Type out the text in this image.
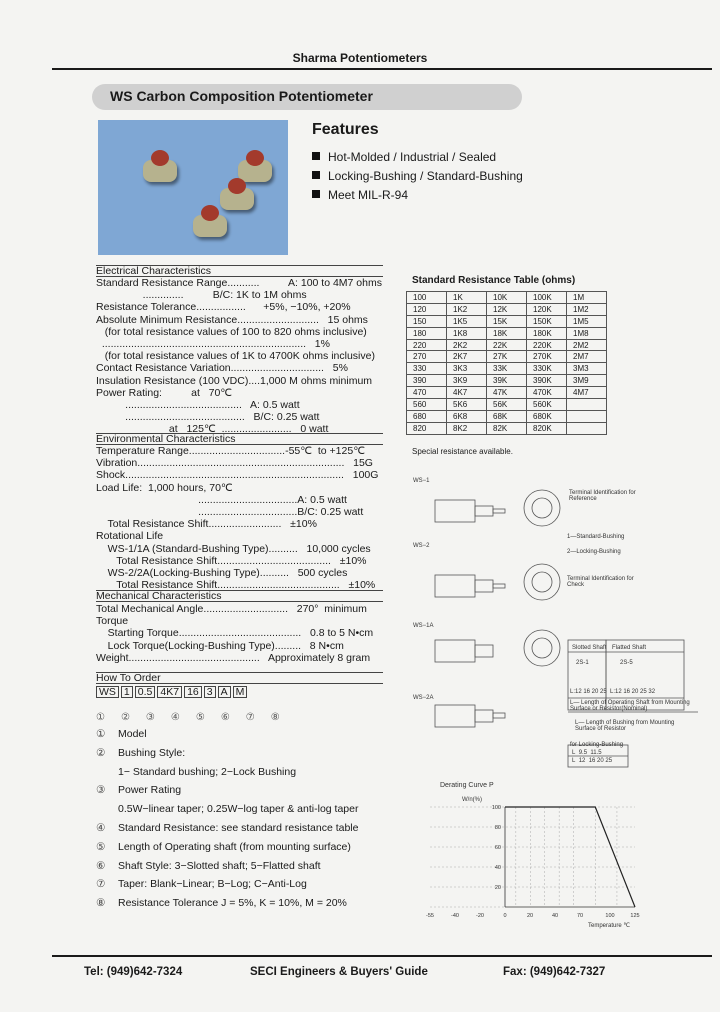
Sharma Potentiometers
WS Carbon Composition Potentiometer
Features
Hot-Molded / Industrial / Sealed
Locking-Bushing / Standard-Bushing
Meet MIL-R-94
Electrical Characteristics
Standard Resistance Range...........          A: 100 to 4M7 ohms
..............          B/C: 1K to 1M ohms
Resistance Tolerance.................      +5%, −10%, +20%
Absolute Minimum Resistance............................   15 ohms
(for total resistance values of 100 to 820 ohms inclusive)
......................................................................   1%
(for total resistance values of 1K to 4700K ohms inclusive)
Contact Resistance Variation................................   5%
Insulation Resistance (100 VDC)....1,000 M ohms minimum
Power Rating:          at   70℃
........................................   A: 0.5 watt
.........................................   B/C: 0.25 watt
at   125℃  ........................   0 watt
Environmental Characteristics
Temperature Range.................................-55℃  to +125℃
Vibration.......................................................................   15G
Shock...........................................................................   100G
Load Life:  1,000 hours, 70℃
..................................A: 0.5 watt
..................................B/C: 0.25 watt
Total Resistance Shift.........................   ±10%
Rotational Life
WS-1/1A (Standard-Bushing Type)..........   10,000 cycles
Total Resistance Shift.......................................   ±10%
WS-2/2A(Locking-Bushing Type)..........   500 cycles
Total Resistance Shift..........................................   ±10%
Mechanical Characteristics
Total Mechanical Angle.............................   270°  minimum
Torque
Starting Torque..........................................   0.8 to 5 N•cm
Lock Torque(Locking-Bushing Type).........   8 N•cm
Weight.............................................   Approximately 8 gram
Standard Resistance Table (ohms)
100	1K	10K	100K	1M
120	1K2	12K	120K	1M2
150	1K5	15K	150K	1M5
180	1K8	18K	180K	1M8
220	2K2	22K	220K	2M2
270	2K7	27K	270K	2M7
330	3K3	33K	330K	3M3
390	3K9	39K	390K	3M9
470	4K7	47K	470K	4M7
560	5K6	56K	560K	
680	6K8	68K	680K	
820	8K2	82K	820K	
Special resistance available.
WS−1
WS−2
WS−1A
WS−2A
Terminal Identification for Reference
1—Standard-Bushing
2—Locking-Bushing
Terminal Identification for Check
Slotted Shaft Flatted Shaft
2S-1	2S-5
L:12 16 20 25 L:12 16 20 25 32
L— Length of Operating Shaft from Mounting Surface or Resistor(Nominal)
L— Length of Bushing from Mounting Surface of Resistor
for Locking-Bushing
L 9.5 11.5
L 12 16 20 25
How To Order
WS 1 0.5 4K7 16 3 A M
①②③④⑤⑥⑦⑧
① Model
② Bushing Style:
1− Standard bushing; 2−Lock Bushing
③ Power Rating
0.5W−linear taper; 0.25W−log taper & anti-log taper
④ Standard Resistance: see standard resistance table
⑤ Length of Operating shaft (from mounting surface)
⑥ Shaft Style: 3−Slotted shaft; 5−Flatted shaft
⑦ Taper: Blank−Linear; B−Log; C−Anti-Log
⑧ Resistance Tolerance J = 5%, K = 10%, M = 20%
Derating Curve P
W/n(%)
100
80
60
40
20
-55	-40	-20	0	20	40	70	100	125
Temperature ℃
Tel: (949)642-7324	SECI Engineers & Buyers' Guide	Fax: (949)642-7327
